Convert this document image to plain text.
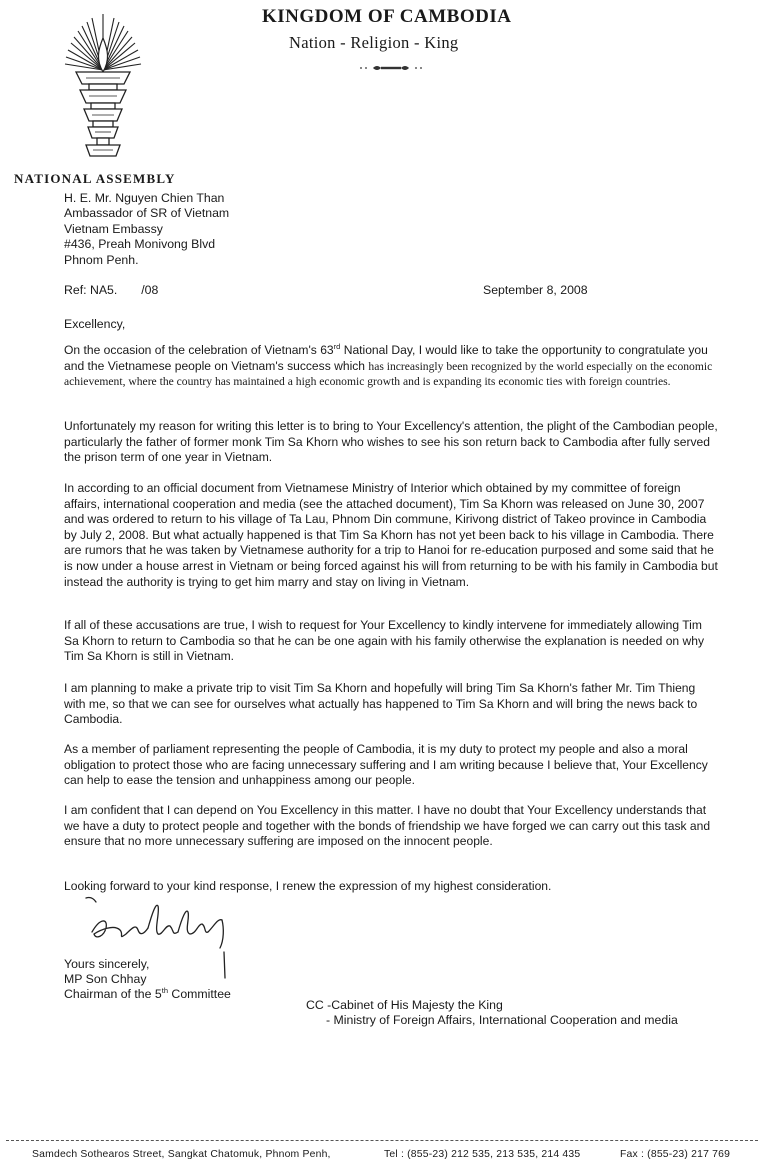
KINGDOM OF CAMBODIA
Nation - Religion - King
NATIONAL ASSEMBLY
H. E. Mr. Nguyen Chien Than
Ambassador of SR of Vietnam
Vietnam Embassy
#436, Preah Monivong Blvd
Phnom Penh.
Ref: NA5.       /08	September 8, 2008
Excellency,

On the occasion of the celebration of Vietnam's 63rd National Day, I would like to take the opportunity to congratulate you and the Vietnamese people on Vietnam's success which has increasingly been recognized by the world especially on the economic achievement, where the country has maintained a high economic growth and is expanding its economic ties with foreign countries.

Unfortunately my reason for writing this letter is to bring to Your Excellency's attention, the plight of the Cambodian people, particularly the father of former monk Tim Sa Khorn who wishes to see his son return back to Cambodia after fully served the prison term of one year in Vietnam.

In according to an official document from Vietnamese Ministry of Interior which obtained by my committee of foreign affairs, international cooperation and media (see the attached document), Tim Sa Khorn was released on June 30, 2007 and was ordered to return to his village of Ta Lau, Phnom Din commune, Kirivong district of Takeo province in Cambodia by July 2, 2008. But what actually happened is that Tim Sa Khorn has not yet been back to his village in Cambodia. There are rumors that he was taken by Vietnamese authority for a trip to Hanoi for re-education purposed and some said that he is now under a house arrest in Vietnam or being forced against his will from returning to be with his family in Cambodia but instead the authority is trying to get him marry and stay on living in Vietnam.

If all of these accusations are true, I wish to request for Your Excellency to kindly intervene for immediately allowing Tim Sa Khorn to return to Cambodia so that he can be one again with his family otherwise the explanation is needed on why Tim Sa Khorn is still in Vietnam.

I am planning to make a private trip to visit Tim Sa Khorn and hopefully will bring Tim Sa Khorn's father Mr. Tim Thieng with me, so that we can see for ourselves what actually has happened to Tim Sa Khorn and will bring the news back to Cambodia.

As a member of parliament representing the people of Cambodia, it is my duty to protect my people and also a moral obligation to protect those who are facing unnecessary suffering and I am writing because I believe that, Your Excellency can help to ease the tension and unhappiness among our people.

I am confident that I can depend on You Excellency in this matter. I have no doubt that Your Excellency understands that we have a duty to protect people and together with the bonds of friendship we have forged we can carry out this task and ensure that no more unnecessary suffering are imposed on the innocent people.

Looking forward to your kind response, I renew the expression of my highest consideration.

Yours sincerely,
MP Son Chhay
Chairman of the 5th Committee
CC -Cabinet of His Majesty the King
- Ministry of Foreign Affairs, International Cooperation and media
Samdech Sothearos Street, Sangkat Chatomuk, Phnom Penh,	Tel : (855-23) 212 535, 213 535, 214 435	Fax : (855-23) 217 769
